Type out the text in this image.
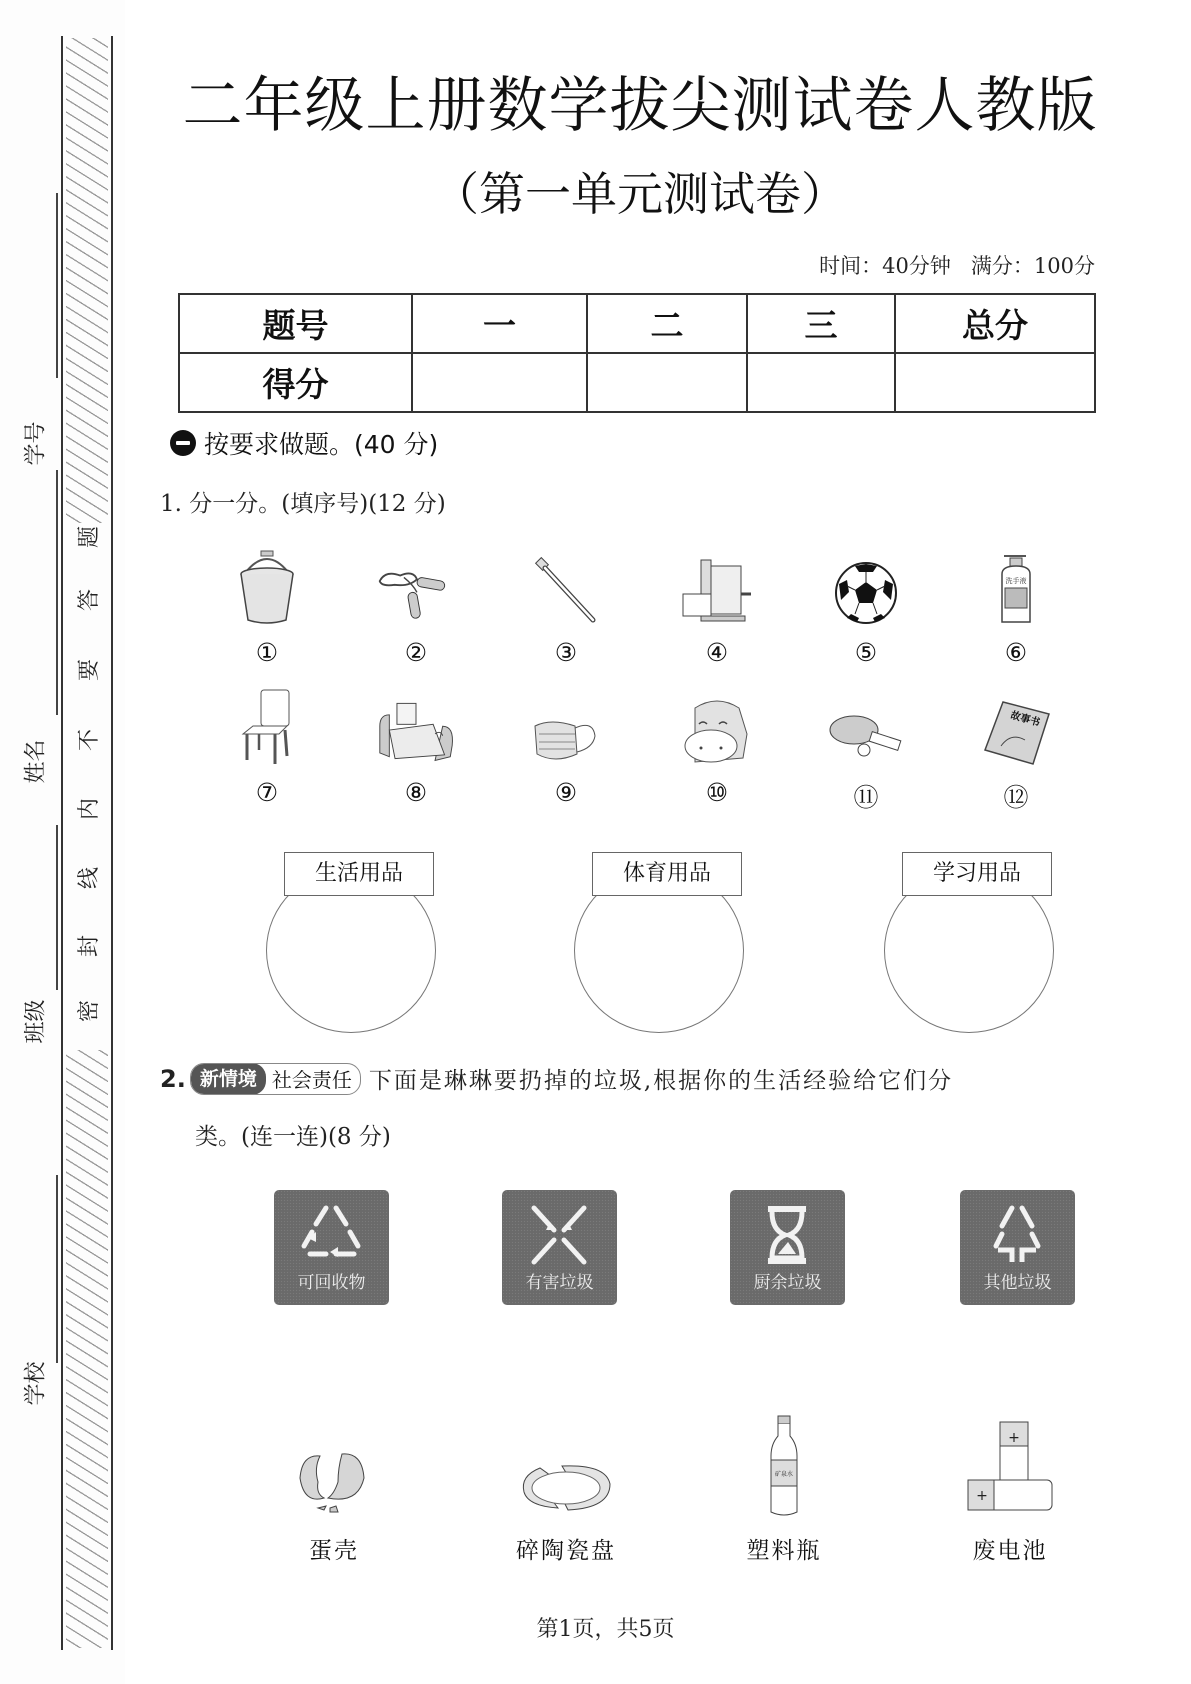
题
答
要
不
内
线
封
密
学号
姓名
班级
学校
二年级上册数学拔尖测试卷人教版
（第一单元测试卷）
时间：40分钟 满分：100分
题号	一	二	三	总分
得分				
按要求做题。(40 分)
1. 分一分。(填序号)(12 分)
①	②	③	④	⑤
洗手液
⑥
⑦	⑧	⑨	⑩	⑪
故事书
⑫
生活用品	体育用品	学习用品
2. 新情境 社会责任 下面是琳琳要扔掉的垃圾,根据你的生活经验给它们分
类。(连一连)(8 分)
可回收物	有害垃圾	厨余垃圾	其他垃圾
蛋壳	碎陶瓷盘
矿泉水
塑料瓶
+
+
废电池
第1页，共5页
